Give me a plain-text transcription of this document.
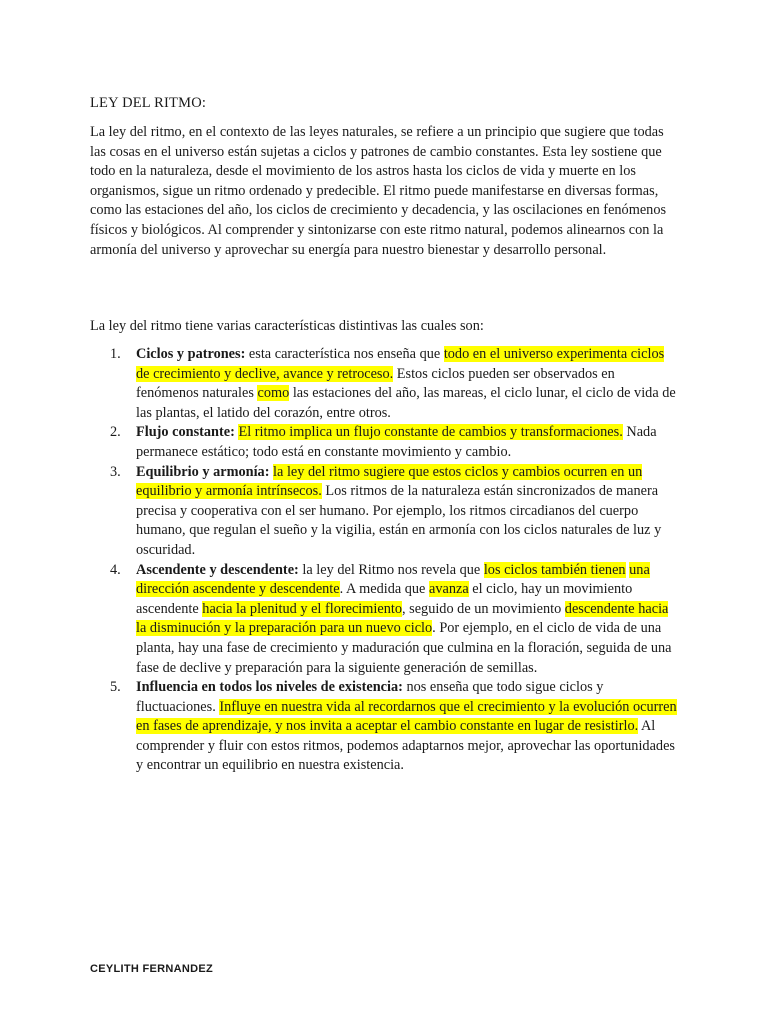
LEY DEL RITMO:

La ley del ritmo, en el contexto de las leyes naturales, se refiere a un principio que sugiere que todas las cosas en el universo están sujetas a ciclos y patrones de cambio constantes. Esta ley sostiene que todo en la naturaleza, desde el movimiento de los astros hasta los ciclos de vida y muerte en los organismos, sigue un ritmo ordenado y predecible. El ritmo puede manifestarse en diversas formas, como las estaciones del año, los ciclos de crecimiento y decadencia, y las oscilaciones en fenómenos físicos y biológicos. Al comprender y sintonizarse con este ritmo natural, podemos alinearnos con la armonía del universo y aprovechar su energía para nuestro bienestar y desarrollo personal.

La ley del ritmo tiene varias características distintivas las cuales son:

1. Ciclos y patrones: esta característica nos enseña que todo en el universo experimenta ciclos de crecimiento y declive, avance y retroceso. Estos ciclos pueden ser observados en fenómenos naturales como las estaciones del año, las mareas, el ciclo lunar, el ciclo de vida de las plantas, el latido del corazón, entre otros.
2. Flujo constante: El ritmo implica un flujo constante de cambios y transformaciones. Nada permanece estático; todo está en constante movimiento y cambio.
3. Equilibrio y armonía: la ley del ritmo sugiere que estos ciclos y cambios ocurren en un equilibrio y armonía intrínsecos. Los ritmos de la naturaleza están sincronizados de manera precisa y cooperativa con el ser humano. Por ejemplo, los ritmos circadianos del cuerpo humano, que regulan el sueño y la vigilia, están en armonía con los ciclos naturales de luz y oscuridad.
4. Ascendente y descendente: la ley del Ritmo nos revela que los ciclos también tienen una dirección ascendente y descendente. A medida que avanza el ciclo, hay un movimiento ascendente hacia la plenitud y el florecimiento, seguido de un movimiento descendente hacia la disminución y la preparación para un nuevo ciclo. Por ejemplo, en el ciclo de vida de una planta, hay una fase de crecimiento y maduración que culmina en la floración, seguida de una fase de declive y preparación para la siguiente generación de semillas.
5. Influencia en todos los niveles de existencia: nos enseña que todo sigue ciclos y fluctuaciones. Influye en nuestra vida al recordarnos que el crecimiento y la evolución ocurren en fases de aprendizaje, y nos invita a aceptar el cambio constante en lugar de resistirlo. Al comprender y fluir con estos ritmos, podemos adaptarnos mejor, aprovechar las oportunidades y encontrar un equilibrio en nuestra existencia.

CEYLITH FERNANDEZ
